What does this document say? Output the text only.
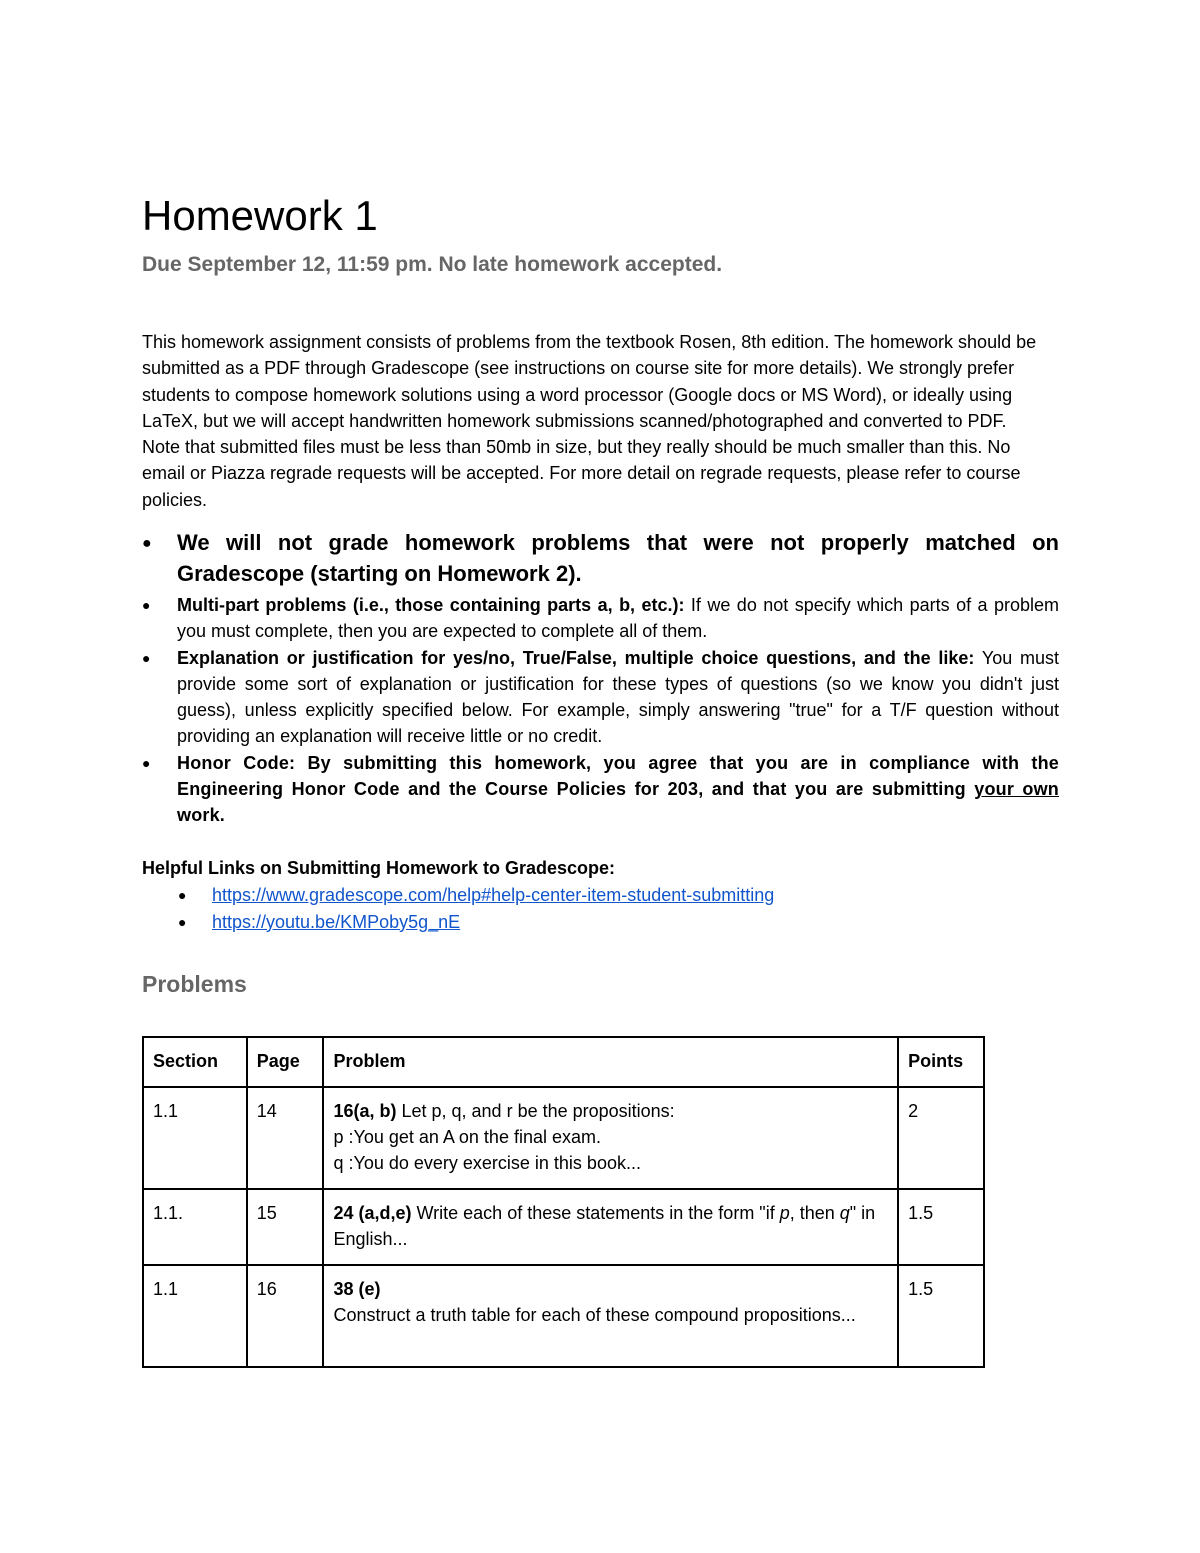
Homework 1
Due September 12, 11:59 pm. No late homework accepted.

This homework assignment consists of problems from the textbook Rosen, 8th edition. The homework should be submitted as a PDF through Gradescope (see instructions on course site for more details). We strongly prefer students to compose homework solutions using a word processor (Google docs or MS Word), or ideally using LaTeX, but we will accept handwritten homework submissions scanned/photographed and converted to PDF. Note that submitted files must be less than 50mb in size, but they really should be much smaller than this. No email or Piazza regrade requests will be accepted. For more detail on regrade requests, please refer to course policies.

● We will not grade homework problems that were not properly matched on Gradescope (starting on Homework 2).
● Multi-part problems (i.e., those containing parts a, b, etc.): If we do not specify which parts of a problem you must complete, then you are expected to complete all of them.
● Explanation or justification for yes/no, True/False, multiple choice questions, and the like: You must provide some sort of explanation or justification for these types of questions (so we know you didn't just guess), unless explicitly specified below. For example, simply answering "true" for a T/F question without providing an explanation will receive little or no credit.
● Honor Code: By submitting this homework, you agree that you are in compliance with the Engineering Honor Code and the Course Policies for 203, and that you are submitting your own work.

Helpful Links on Submitting Homework to Gradescope:

● https://www.gradescope.com/help#help-center-item-student-submitting
● https://youtu.be/KMPoby5g_nE
Problems
Section	Page	Problem	Points
1.1	14	16(a, b) Let p, q, and r be the propositions:
p :You get an A on the final exam.
q :You do every exercise in this book...	2
1.1.	15	24 (a,d,e) Write each of these statements in the form "if p, then q" in English...	1.5
1.1	16	38 (e)
Construct a truth table for each of these compound propositions...	1.5
